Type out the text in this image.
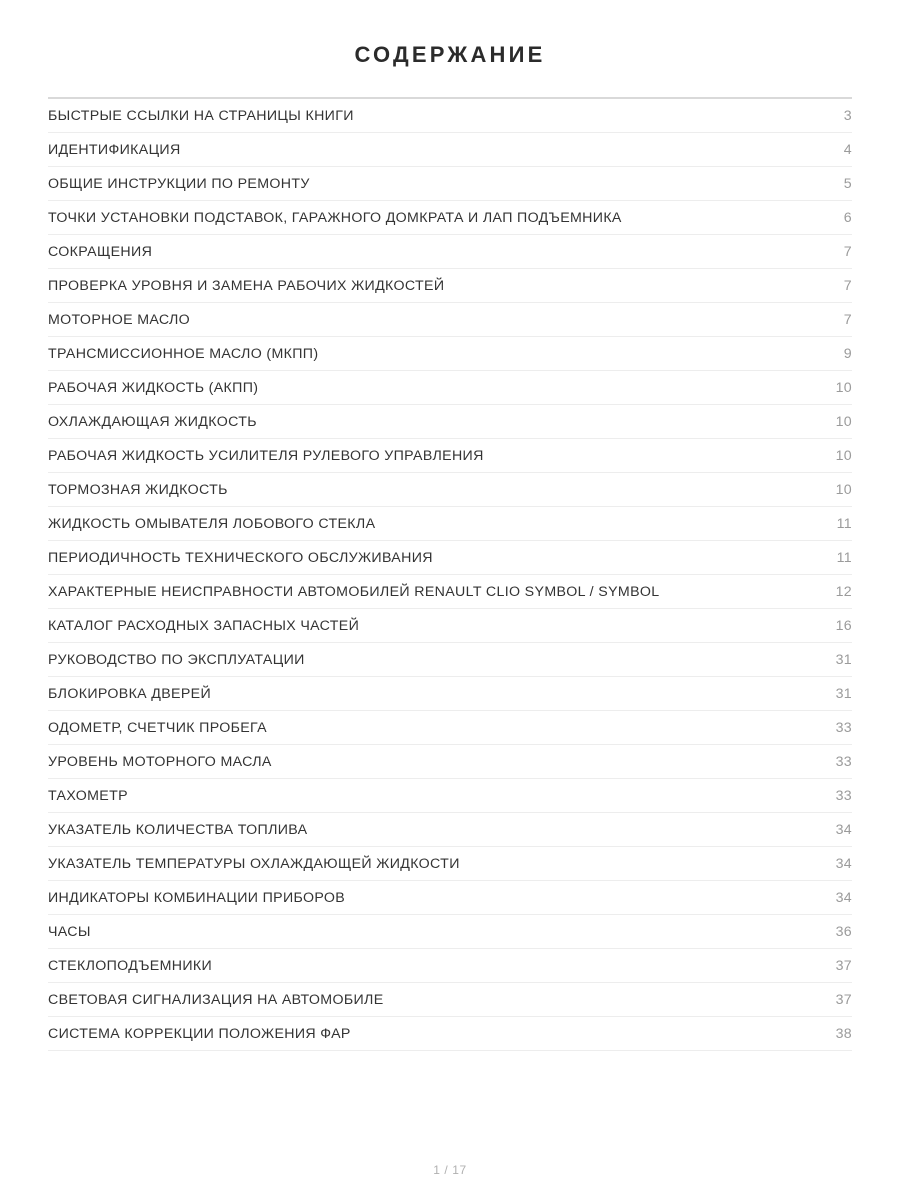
СОДЕРЖАНИЕ
БЫСТРЫЕ ССЫЛКИ НА СТРАНИЦЫ КНИГИ	3
ИДЕНТИФИКАЦИЯ	4
ОБЩИЕ ИНСТРУКЦИИ ПО РЕМОНТУ	5
ТОЧКИ УСТАНОВКИ ПОДСТАВОК, ГАРАЖНОГО ДОМКРАТА И ЛАП ПОДЪЕМНИКА	6
СОКРАЩЕНИЯ	7
ПРОВЕРКА УРОВНЯ И ЗАМЕНА РАБОЧИХ ЖИДКОСТЕЙ	7
МОТОРНОЕ МАСЛО	7
ТРАНСМИССИОННОЕ МАСЛО (МКПП)	9
РАБОЧАЯ ЖИДКОСТЬ (АКПП)	10
ОХЛАЖДАЮЩАЯ ЖИДКОСТЬ	10
РАБОЧАЯ ЖИДКОСТЬ УСИЛИТЕЛЯ РУЛЕВОГО УПРАВЛЕНИЯ	10
ТОРМОЗНАЯ ЖИДКОСТЬ	10
ЖИДКОСТЬ ОМЫВАТЕЛЯ ЛОБОВОГО СТЕКЛА	11
ПЕРИОДИЧНОСТЬ ТЕХНИЧЕСКОГО ОБСЛУЖИВАНИЯ	11
ХАРАКТЕРНЫЕ НЕИСПРАВНОСТИ АВТОМОБИЛЕЙ RENAULT CLIO SYMBOL / SYMBOL	12
КАТАЛОГ РАСХОДНЫХ ЗАПАСНЫХ ЧАСТЕЙ	16
РУКОВОДСТВО ПО ЭКСПЛУАТАЦИИ	31
БЛОКИРОВКА ДВЕРЕЙ	31
ОДОМЕТР, СЧЕТЧИК ПРОБЕГА	33
УРОВЕНЬ МОТОРНОГО МАСЛА	33
ТАХОМЕТР	33
УКАЗАТЕЛЬ КОЛИЧЕСТВА ТОПЛИВА	34
УКАЗАТЕЛЬ ТЕМПЕРАТУРЫ ОХЛАЖДАЮЩЕЙ ЖИДКОСТИ	34
ИНДИКАТОРЫ КОМБИНАЦИИ ПРИБОРОВ	34
ЧАСЫ	36
СТЕКЛОПОДЪЕМНИКИ	37
СВЕТОВАЯ СИГНАЛИЗАЦИЯ НА АВТОМОБИЛЕ	37
СИСТЕМА КОРРЕКЦИИ ПОЛОЖЕНИЯ ФАР	38
1 / 17
